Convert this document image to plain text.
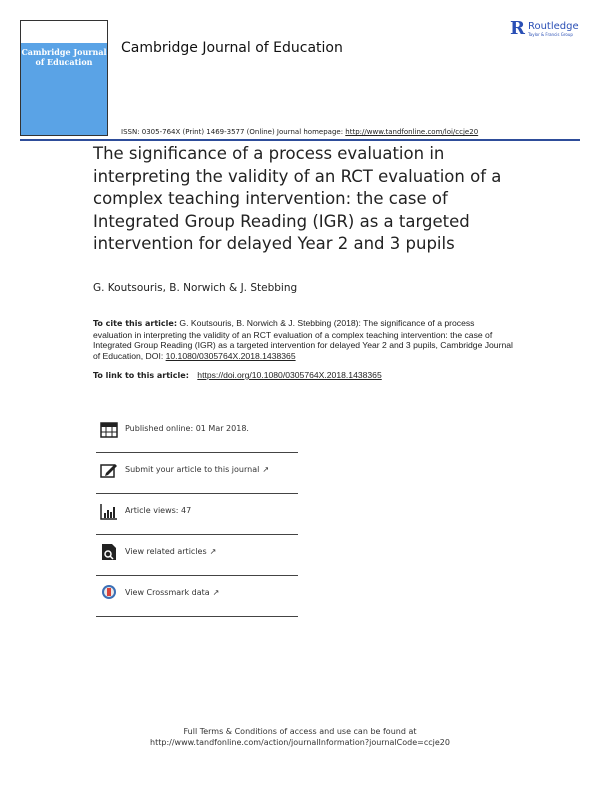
Cambridge Journal of Education
Cambridge Journal of Education
R Routledge
Taylor & Francis Group
ISSN: 0305-764X (Print) 1469-3577 (Online) Journal homepage: http://www.tandfonline.com/loi/ccje20
The significance of a process evaluation in interpreting the validity of an RCT evaluation of a complex teaching intervention: the case of Integrated Group Reading (IGR) as a targeted intervention for delayed Year 2 and 3 pupils
G. Koutsouris, B. Norwich & J. Stebbing
To cite this article: G. Koutsouris, B. Norwich & J. Stebbing (2018): The significance of a process evaluation in interpreting the validity of an RCT evaluation of a complex teaching intervention: the case of Integrated Group Reading (IGR) as a targeted intervention for delayed Year 2 and 3 pupils, Cambridge Journal of Education, DOI: 10.1080/0305764X.2018.1438365
To link to this article: https://doi.org/10.1080/0305764X.2018.1438365
Published online: 01 Mar 2018.
Submit your article to this journal ↗
Article views: 47
View related articles ↗
View Crossmark data ↗
Full Terms & Conditions of access and use can be found at
http://www.tandfonline.com/action/journalInformation?journalCode=ccje20
